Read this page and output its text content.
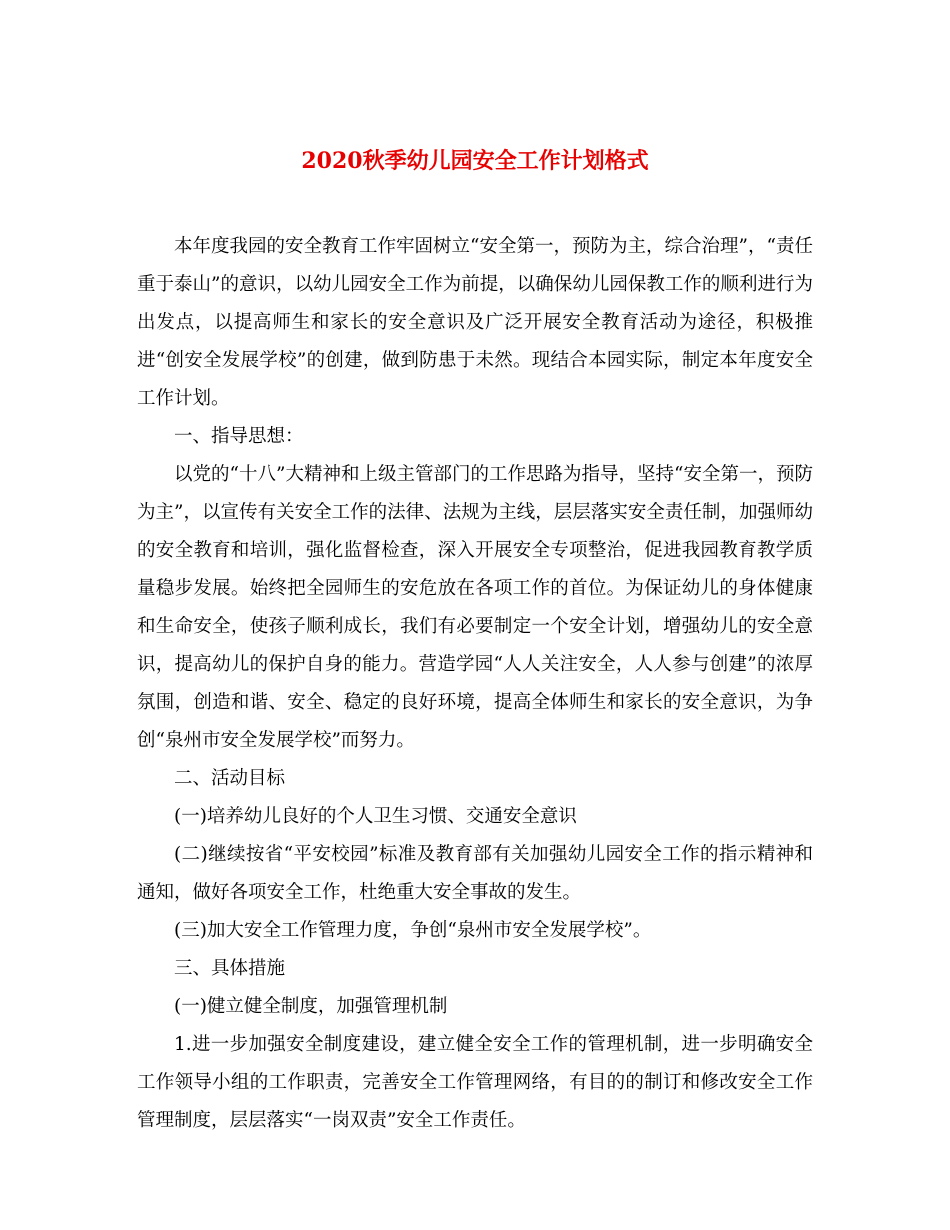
2020秋季幼儿园安全工作计划格式

本年度我园的安全教育工作牢固树立“安全第一，预防为主，综合治理”，“责任重于泰山”的意识，以幼儿园安全工作为前提，以确保幼儿园保教工作的顺利进行为出发点，以提高师生和家长的安全意识及广泛开展安全教育活动为途径，积极推进“创安全发展学校”的创建，做到防患于未然。现结合本园实际，制定本年度安全工作计划。

一、指导思想：

以党的“十八”大精神和上级主管部门的工作思路为指导，坚持“安全第一，预防为主”，以宣传有关安全工作的法律、法规为主线，层层落实安全责任制，加强师幼的安全教育和培训，强化监督检查，深入开展安全专项整治，促进我园教育教学质量稳步发展。始终把全园师生的安危放在各项工作的首位。为保证幼儿的身体健康和生命安全，使孩子顺利成长，我们有必要制定一个安全计划，增强幼儿的安全意识，提高幼儿的保护自身的能力。营造学园“人人关注安全，人人参与创建”的浓厚氛围，创造和谐、安全、稳定的良好环境，提高全体师生和家长的安全意识，为争创“泉州市安全发展学校”而努力。

二、活动目标

(一)培养幼儿良好的个人卫生习惯、交通安全意识

(二)继续按省“平安校园”标准及教育部有关加强幼儿园安全工作的指示精神和通知，做好各项安全工作，杜绝重大安全事故的发生。

(三)加大安全工作管理力度，争创“泉州市安全发展学校”。

三、具体措施

(一)健立健全制度，加强管理机制

1.进一步加强安全制度建设，建立健全安全工作的管理机制，进一步明确安全工作领导小组的工作职责，完善安全工作管理网络，有目的的制订和修改安全工作管理制度，层层落实“一岗双责”安全工作责任。
